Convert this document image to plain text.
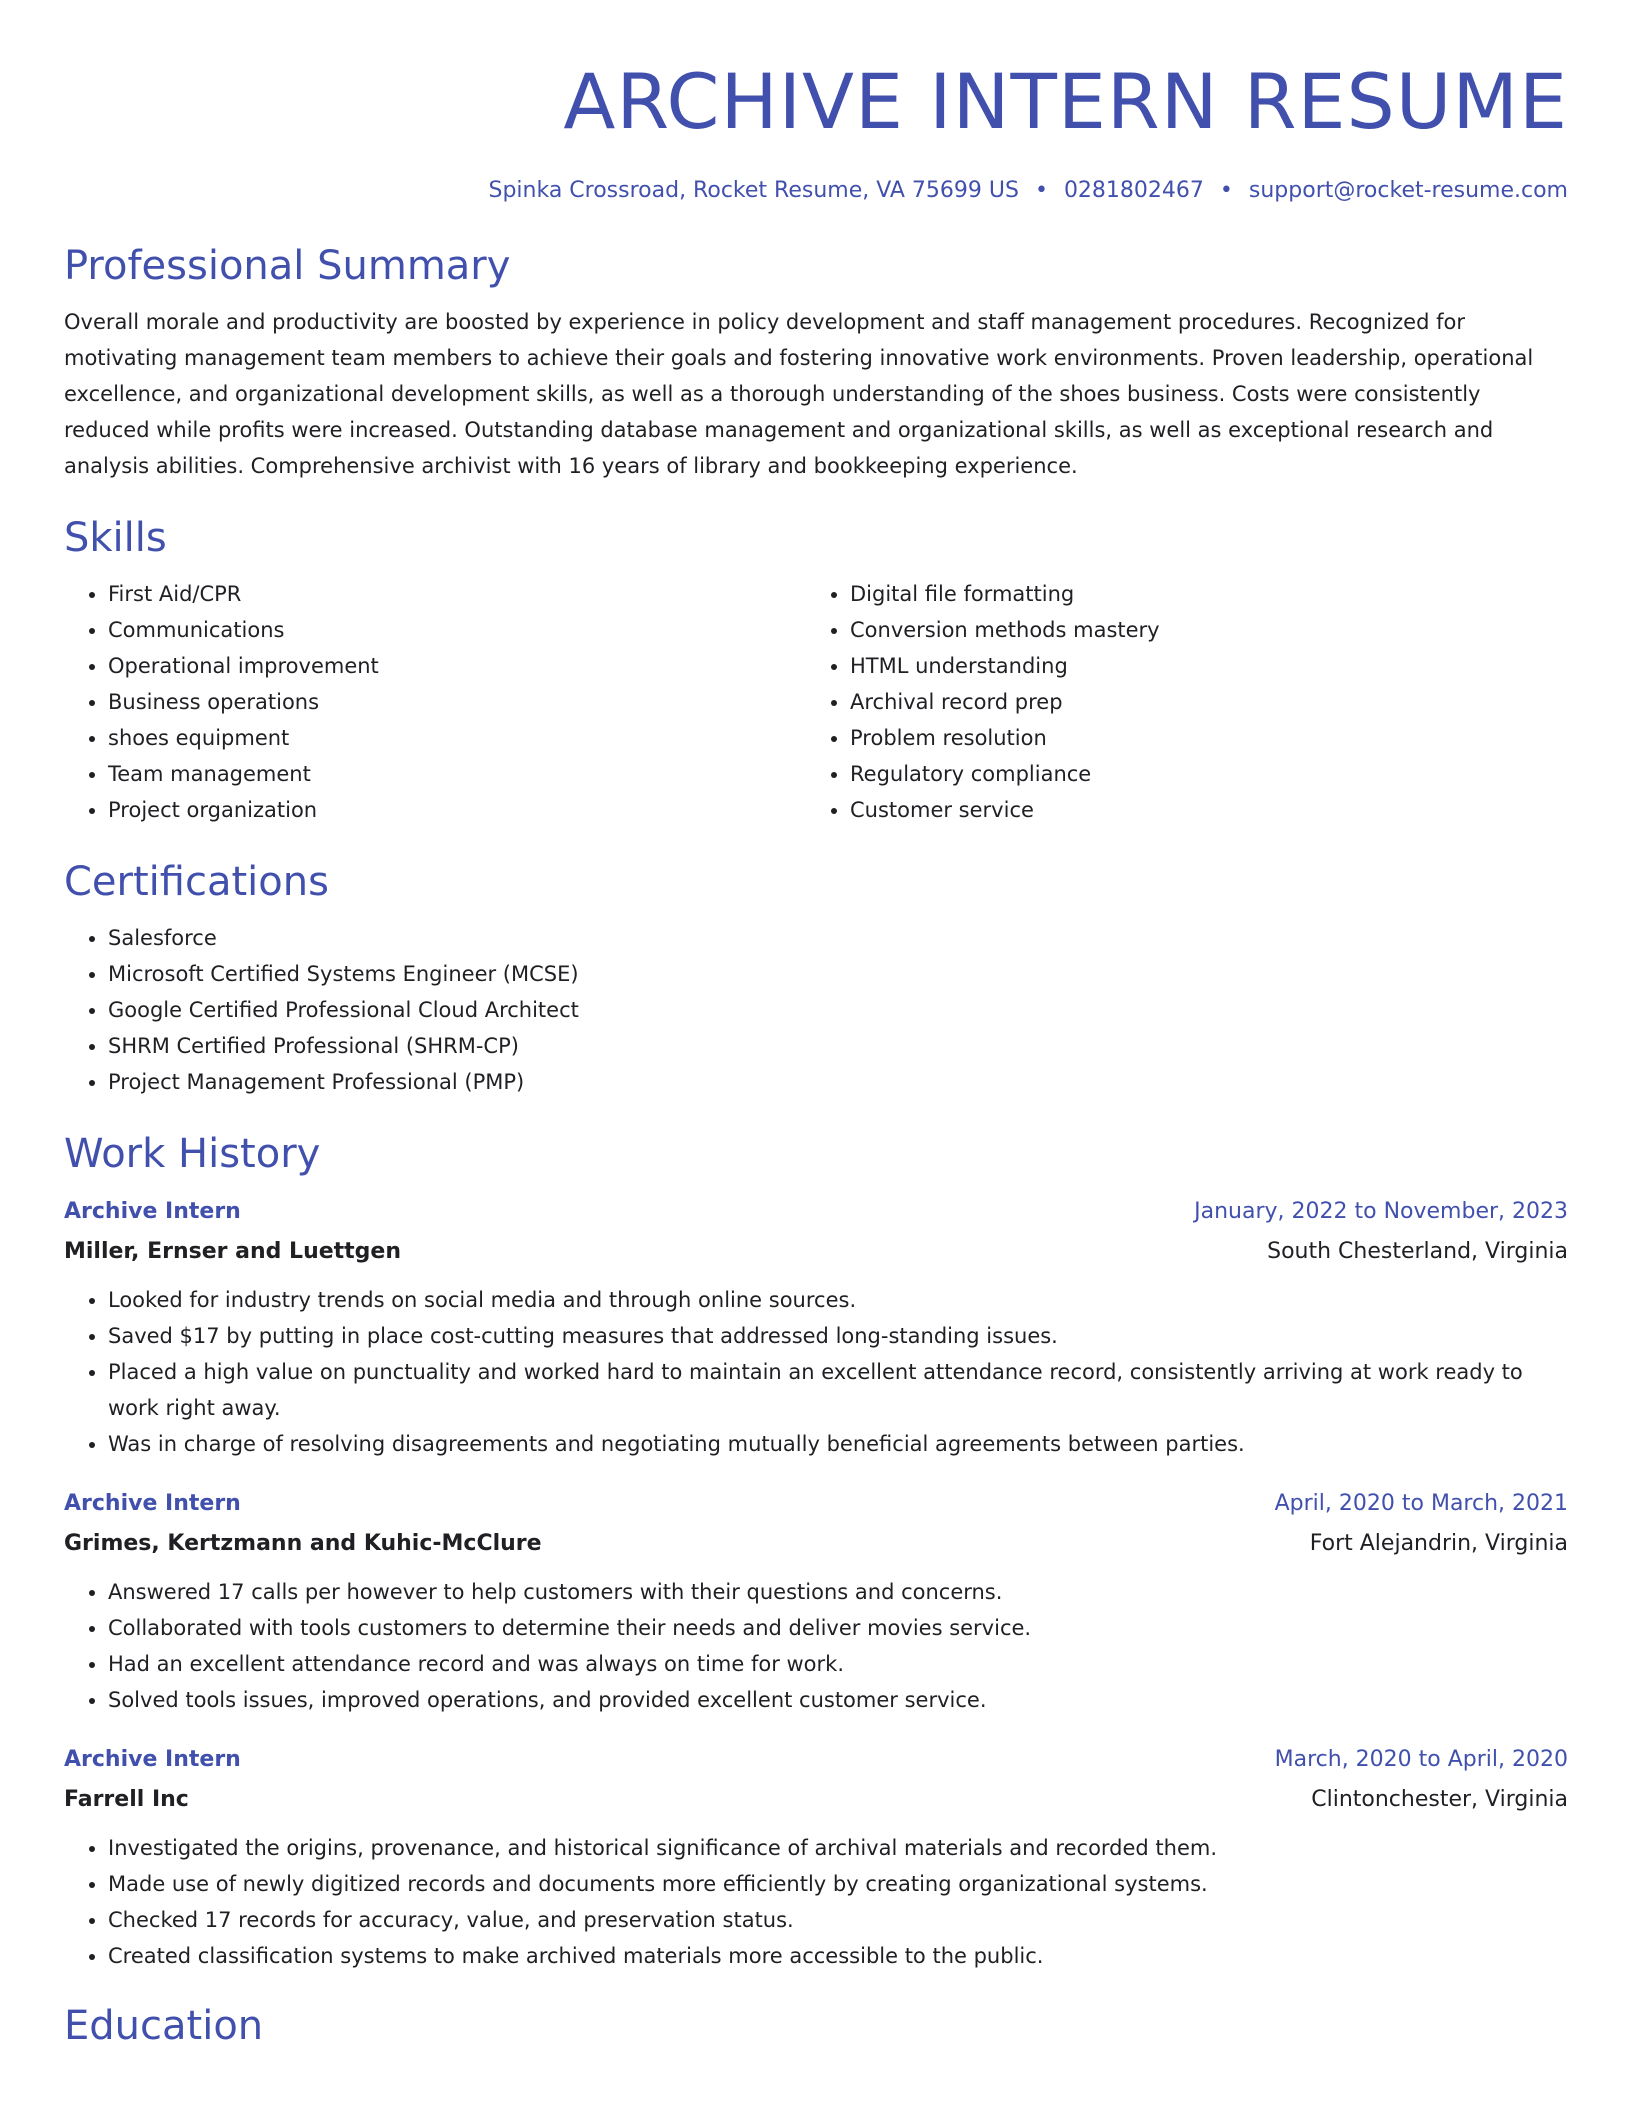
ARCHIVE INTERN RESUME
Spinka Crossroad, Rocket Resume, VA 75699 US • 0281802467 • support@rocket-resume.com
Professional Summary

Overall morale and productivity are boosted by experience in policy development and staff management procedures. Recognized for motivating management team members to achieve their goals and fostering innovative work environments. Proven leadership, operational excellence, and organizational development skills, as well as a thorough understanding of the shoes business. Costs were consistently reduced while profits were increased. Outstanding database management and organizational skills, as well as exceptional research and analysis abilities. Comprehensive archivist with 16 years of library and bookkeeping experience.

Skills
• First Aid/CPR
• Communications
• Operational improvement
• Business operations
• shoes equipment
• Team management
• Project organization
• Digital file formatting
• Conversion methods mastery
• HTML understanding
• Archival record prep
• Problem resolution
• Regulatory compliance
• Customer service
Certifications
• Salesforce
• Microsoft Certified Systems Engineer (MCSE)
• Google Certified Professional Cloud Architect
• SHRM Certified Professional (SHRM-CP)
• Project Management Professional (PMP)
Work History
Archive Intern	January, 2022 to November, 2023
Miller, Ernser and Luettgen	South Chesterland, Virginia
• Looked for industry trends on social media and through online sources.
• Saved $17 by putting in place cost-cutting measures that addressed long-standing issues.
• Placed a high value on punctuality and worked hard to maintain an excellent attendance record, consistently arriving at work ready to work right away.
• Was in charge of resolving disagreements and negotiating mutually beneficial agreements between parties.
Archive Intern	April, 2020 to March, 2021
Grimes, Kertzmann and Kuhic-McClure	Fort Alejandrin, Virginia
• Answered 17 calls per however to help customers with their questions and concerns.
• Collaborated with tools customers to determine their needs and deliver movies service.
• Had an excellent attendance record and was always on time for work.
• Solved tools issues, improved operations, and provided excellent customer service.
Archive Intern	March, 2020 to April, 2020
Farrell Inc	Clintonchester, Virginia
• Investigated the origins, provenance, and historical significance of archival materials and recorded them.
• Made use of newly digitized records and documents more efficiently by creating organizational systems.
• Checked 17 records for accuracy, value, and preservation status.
• Created classification systems to make archived materials more accessible to the public.
Education
